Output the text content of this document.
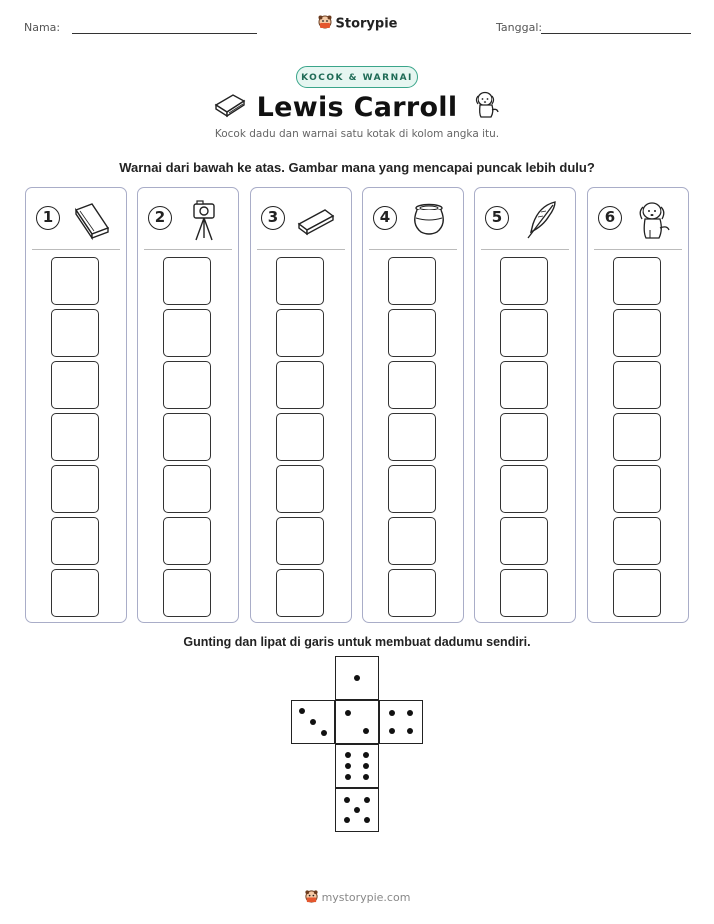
Nama:	Storypie	Tanggal:
KOCOK & WARNAI
Lewis Carroll
Kocok dadu dan warnai satu kotak di kolom angka itu.
Warnai dari bawah ke atas. Gambar mana yang mencapai puncak lebih dulu?
1	2	3	4	5	6
Gunting dan lipat di garis untuk membuat dadumu sendiri.
mystorypie.com
